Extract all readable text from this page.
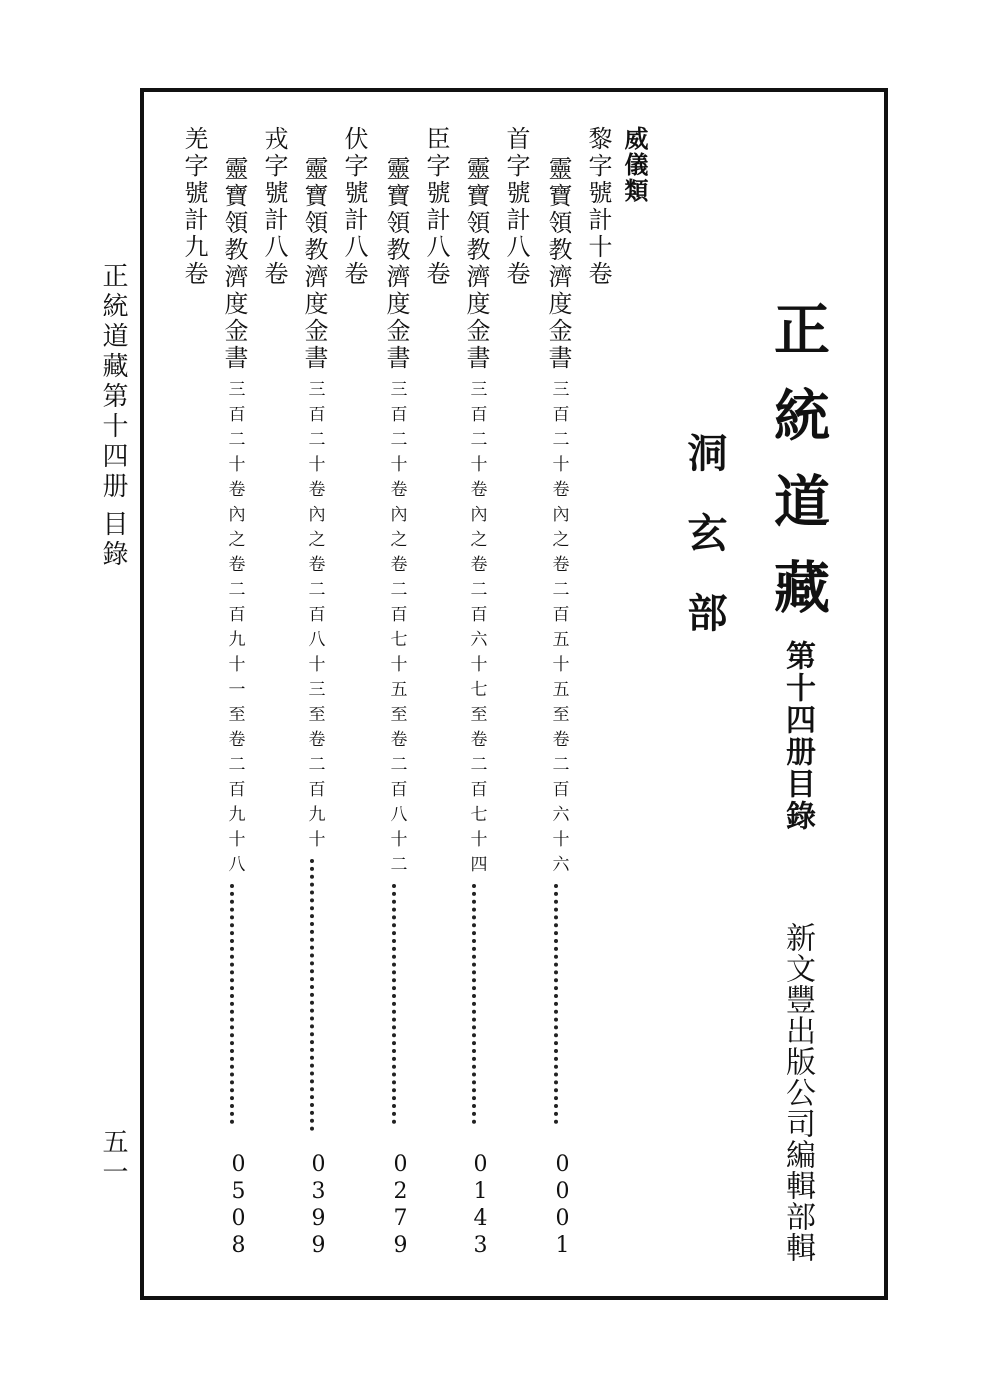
正統道藏第十四册
目錄
五一
正統道藏
第十四册目錄
新文豐出版公司編輯部輯
洞玄部
威儀類
黎字號計十卷
靈寶領教濟度金書
三百二十卷內之卷二百五十五至卷二百六十六
0001
首字號計八卷
靈寶領教濟度金書
三百二十卷內之卷二百六十七至卷二百七十四
0143
臣字號計八卷
靈寶領教濟度金書
三百二十卷內之卷二百七十五至卷二百八十二
0279
伏字號計八卷
靈寶領教濟度金書
三百二十卷內之卷二百八十三至卷二百九十
0399
戎字號計八卷
靈寶領教濟度金書
三百二十卷內之卷二百九十一至卷二百九十八
0508
羌字號計九卷
